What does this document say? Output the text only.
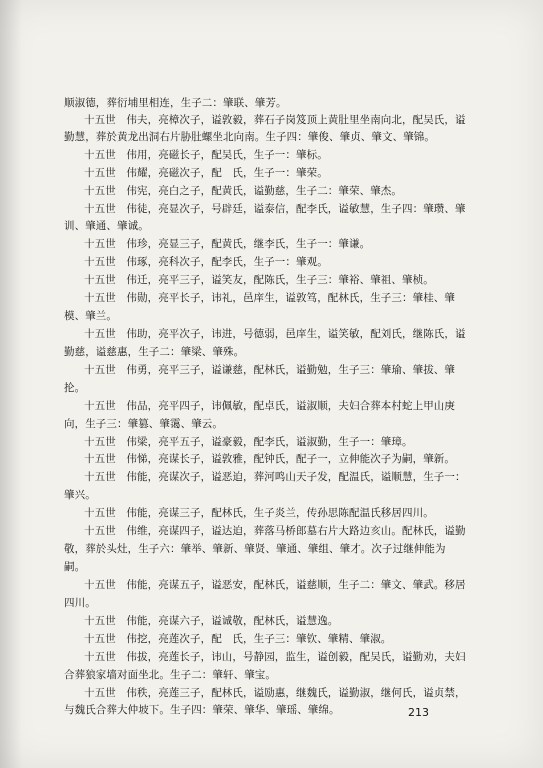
顺淑德，葬衍埔里相连，生子二：肇联、肇芳。
十五世　伟夫，亮樟次子，谥敦毅，葬石子岗笈顶上黄肚里坐南向北，配吴氏，谥
勤慧，葬於黄龙出洞右片胁肚螺坐北向南。生子四：肇俊、肇贞、肇文、肇锦。
十五世　伟用，亮磁长子，配吴氏，生子一：肇标。
十五世　伟耀，亮磁次子，配　氏，生子一：肇荣。
十五世　伟宪，亮白之子，配黄氏，谥勤慈，生子二：肇荣、肇杰。
十五世　伟徒，亮显次子，号辟廷，谥泰信，配李氏，谥敏慧，生子四：肇瓒、肇
训、肇通、肇诚。
十五世　伟珍，亮显三子，配黄氏，继李氏，生子一：肇谦。
十五世　伟琢，亮科次子，配李氏，生子一：肇观。
十五世　伟迁，亮平三子，谥笑友，配陈氏，生子三：肇裕、肇祖、肇桢。
十五世　伟勋，亮平长子，讳礼，邑庠生，谥敦笃，配林氏，生子三：肇桂、肇
模、肇兰。
十五世　伟助，亮平次子，讳进，号德弱，邑庠生，谥笑敏，配刘氏，继陈氏，谥
勤慈，谥慈惠，生子二：肇梁、肇殊。
十五世　伟勇，亮平三子，谥谦慈，配林氏，谥勤勉，生子三：肇瑜、肇拔、肇
抡。
十五世　伟品，亮平四子，讳佩敏，配卓氏，谥淑顺，夫妇合葬本村蛇上甲山庚
向，生子三：肇篡、肇霭、肇云。
十五世　伟梁，亮平五子，谥豪毅，配李氏，谥淑勤，生子一：肇璋。
十五世　伟悌，亮谋长子，谥敦雅，配钟氏，配子一，立伸能次子为嗣，肇新。
十五世　伟能，亮谋次子，谥恶迫，葬河鸣山天子发，配温氏，谥顺慧，生子一：
肇兴。
十五世　伟能，亮谋三子，配林氏，生子炎兰，传孙思陈配温氏移居四川。
十五世　伟维，亮谋四子，谥达迫，葬落马桥郎墓右片大路边亥山。配林氏，谥勤
敬，葬於头灶，生子六：肇举、肇新、肇贤、肇通、肇组、肇才。次子过继伸能为
嗣。
十五世　伟能，亮谋五子，谥恶安，配林氏，谥慈顺，生子二：肇文、肇武。移居
四川。
十五世　伟能，亮谋六子，谥诚敬，配林氏，谥慧逸。
十五世　伟挖，亮莲次子，配　氏，生子三：肇钦、肇精、肇淑。
十五世　伟拔，亮莲长子，讳山，号静园，监生，谥创毅，配吴氏，谥勤劝，夫妇
合葬狼家墙对面坐北。生子二：肇轩、肇宝。
十五世　伟秩，亮莲三子，配林氏，谥励惠，继魏氏，谥勤淑，继何氏，谥贞禁，
与魏氏合葬大仲坡下。生子四：肇荣、肇华、肇瑶、肇绵。	213
